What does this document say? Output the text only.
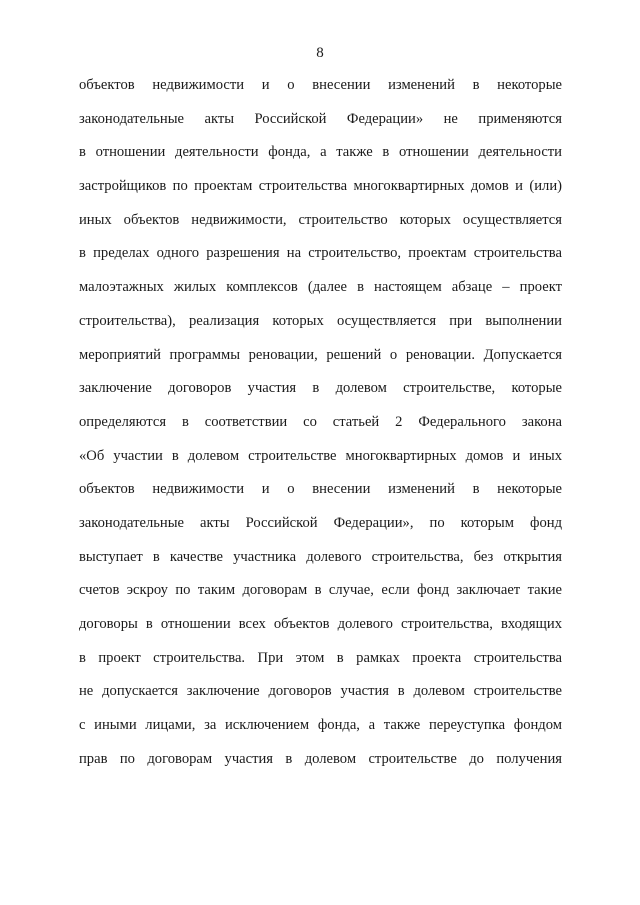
8
объектов недвижимости и о внесении изменений в некоторые
законодательные акты Российской Федерации» не применяются
в отношении деятельности фонда, а также в отношении деятельности
застройщиков по проектам строительства многоквартирных домов и (или)
иных объектов недвижимости, строительство которых осуществляется
в пределах одного разрешения на строительство, проектам строительства
малоэтажных жилых комплексов (далее в настоящем абзаце – проект
строительства), реализация которых осуществляется при выполнении
мероприятий программы реновации, решений о реновации. Допускается
заключение договоров участия в долевом строительстве, которые
определяются в соответствии со статьей 2 Федерального закона
«Об участии в долевом строительстве многоквартирных домов и иных
объектов недвижимости и о внесении изменений в некоторые
законодательные акты Российской Федерации», по которым фонд
выступает в качестве участника долевого строительства, без открытия
счетов эскроу по таким договорам в случае, если фонд заключает такие
договоры в отношении всех объектов долевого строительства, входящих
в проект строительства. При этом в рамках проекта строительства
не допускается заключение договоров участия в долевом строительстве
с иными лицами, за исключением фонда, а также переуступка фондом
прав по договорам участия в долевом строительстве до получения
